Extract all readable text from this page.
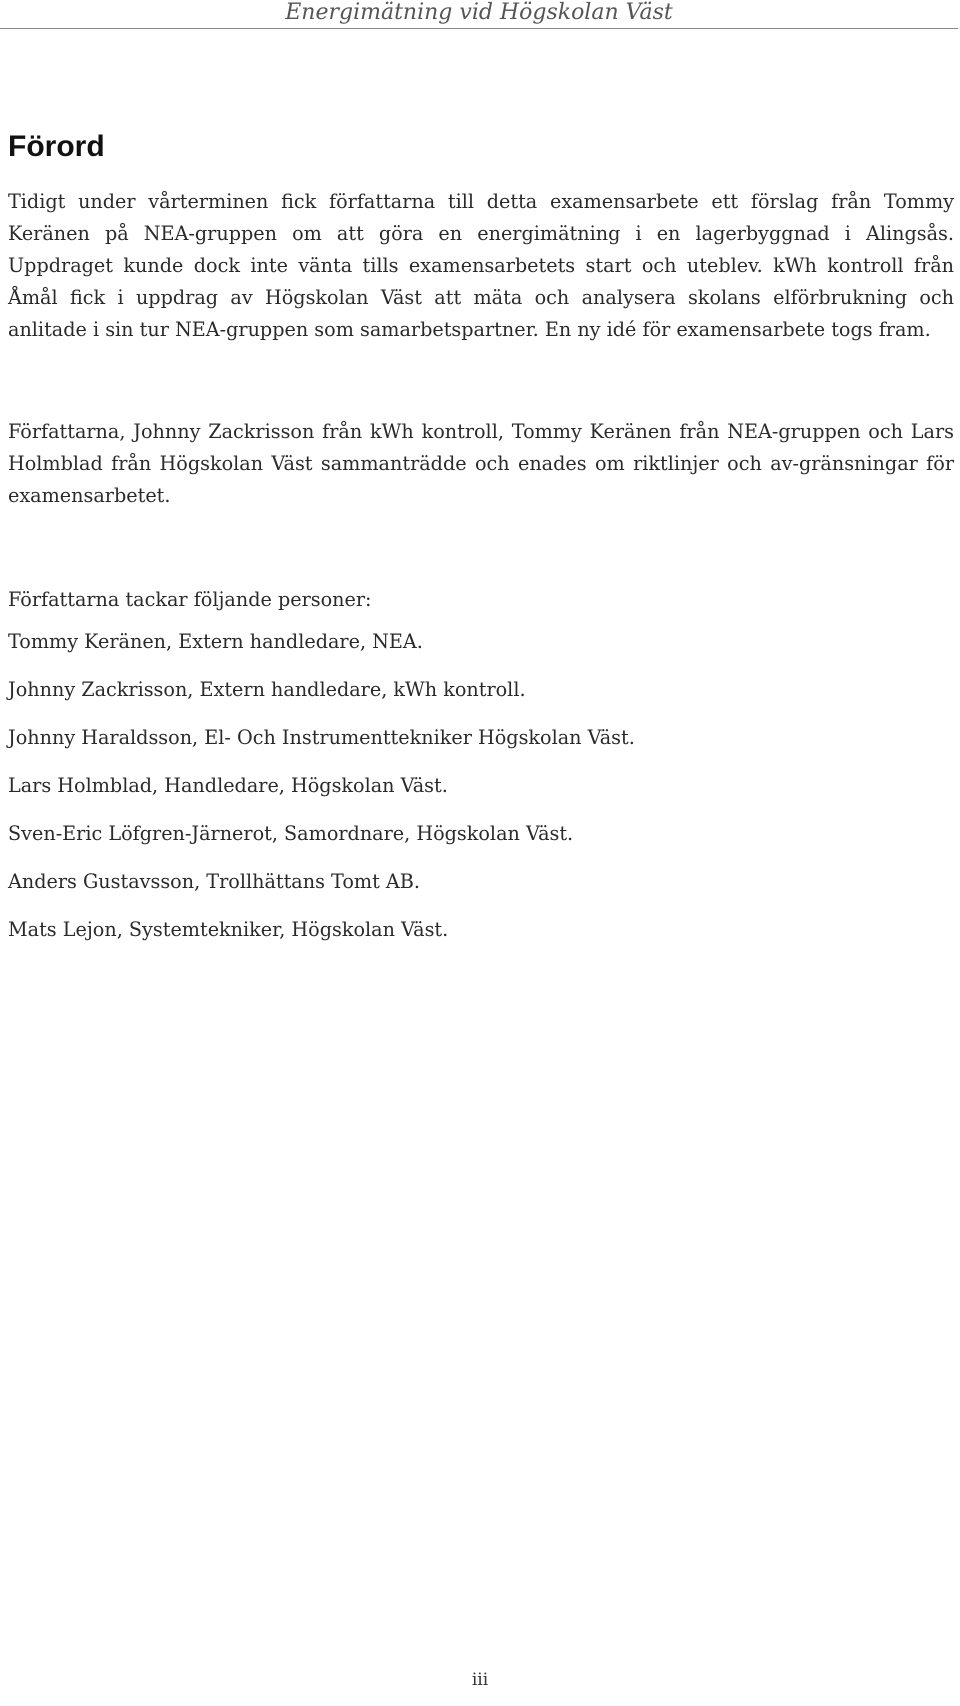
Energimätning vid Högskolan Väst
Förord

Tidigt under vårterminen fick författarna till detta examensarbete ett förslag från Tommy Keränen på NEA-gruppen om att göra en energimätning i en lagerbyggnad i Alingsås. Uppdraget kunde dock inte vänta tills examensarbetets start och uteblev. kWh kontroll från Åmål fick i uppdrag av Högskolan Väst att mäta och analysera skolans elförbrukning och anlitade i sin tur NEA-gruppen som samarbetspartner. En ny idé för examensarbete togs fram.

Författarna, Johnny Zackrisson från kWh kontroll, Tommy Keränen från NEA-gruppen och Lars Holmblad från Högskolan Väst sammanträdde och enades om riktlinjer och av-gränsningar för examensarbetet.

Författarna tackar följande personer:

Tommy Keränen, Extern handledare, NEA.
Johnny Zackrisson, Extern handledare, kWh kontroll.
Johnny Haraldsson, El- Och Instrumenttekniker Högskolan Väst.
Lars Holmblad, Handledare, Högskolan Väst.
Sven-Eric Löfgren-Järnerot, Samordnare, Högskolan Väst.
Anders Gustavsson, Trollhättans Tomt AB.
Mats Lejon, Systemtekniker, Högskolan Väst.
iii
